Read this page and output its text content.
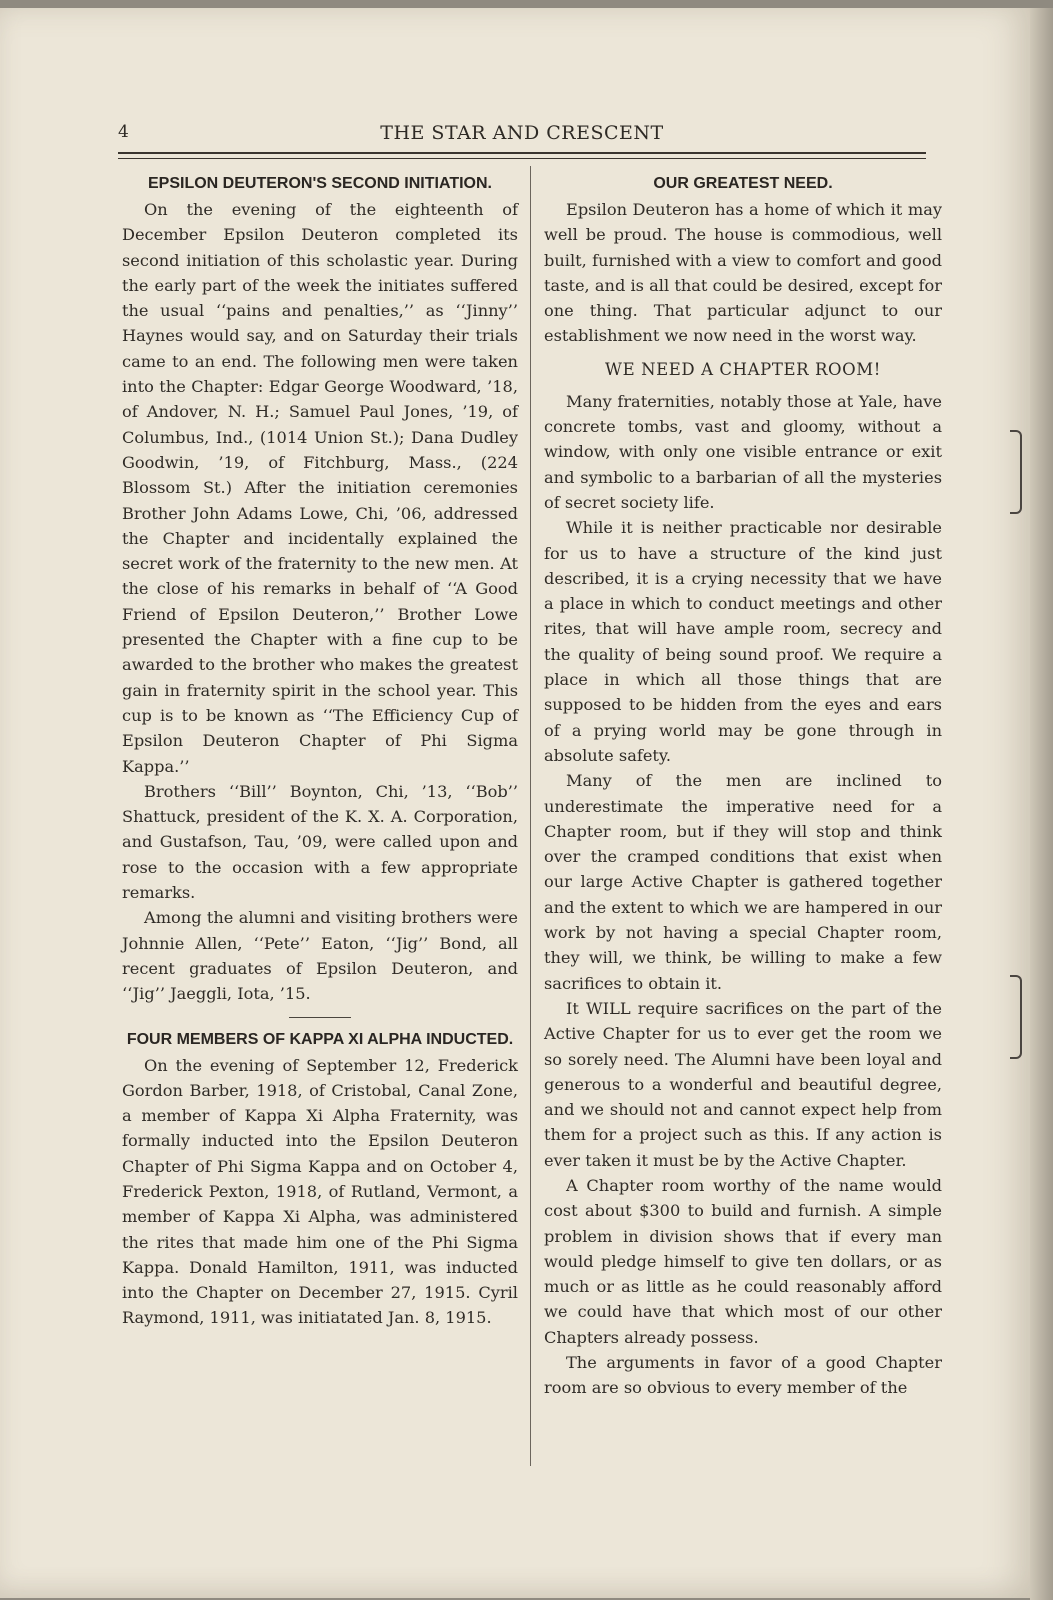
4	THE STAR AND CRESCENT
EPSILON DEUTERON'S SECOND INITIATION.

On the evening of the eighteenth of December Epsilon Deuteron completed its second initiation of this scholastic year. During the early part of the week the initiates suffered the usual ‘‘pains and penalties,’’ as ‘‘Jinny’’ Haynes would say, and on Saturday their trials came to an end. The following men were taken into the Chapter: Edgar George Woodward, ’18, of Andover, N. H.; Samuel Paul Jones, ’19, of Columbus, Ind., (1014 Union St.); Dana Dudley Goodwin, ’19, of Fitchburg, Mass., (224 Blossom St.) After the initiation ceremonies Brother John Adams Lowe, Chi, ’06, addressed the Chapter and incidentally explained the secret work of the fraternity to the new men. At the close of his remarks in behalf of ‘‘A Good Friend of Epsilon Deuteron,’’ Brother Lowe presented the Chapter with a fine cup to be awarded to the brother who makes the greatest gain in fraternity spirit in the school year. This cup is to be known as ‘‘The Efficiency Cup of Epsilon Deuteron Chapter of Phi Sigma Kappa.’’

Brothers ‘‘Bill’’ Boynton, Chi, ’13, ‘‘Bob’’ Shattuck, president of the K. X. A. Corporation, and Gustafson, Tau, ’09, were called upon and rose to the occasion with a few appropriate remarks.

Among the alumni and visiting brothers were Johnnie Allen, ‘‘Pete’’ Eaton, ‘‘Jig’’ Bond, all recent graduates of Epsilon Deuteron, and ‘‘Jig’’ Jaeggli, Iota, ’15.

FOUR MEMBERS OF KAPPA XI ALPHA INDUCTED.

On the evening of September 12, Frederick Gordon Barber, 1918, of Cristobal, Canal Zone, a member of Kappa Xi Alpha Fraternity, was formally inducted into the Epsilon Deuteron Chapter of Phi Sigma Kappa and on October 4, Frederick Pexton, 1918, of Rutland, Vermont, a member of Kappa Xi Alpha, was administered the rites that made him one of the Phi Sigma Kappa. Donald Hamilton, 1911, was inducted into the Chapter on December 27, 1915. Cyril Raymond, 1911, was initiatated Jan. 8, 1915.

OUR GREATEST NEED.

Epsilon Deuteron has a home of which it may well be proud. The house is commodious, well built, furnished with a view to comfort and good taste, and is all that could be desired, except for one thing. That particular adjunct to our establishment we now need in the worst way.

WE NEED A CHAPTER ROOM!

Many fraternities, notably those at Yale, have concrete tombs, vast and gloomy, without a window, with only one visible entrance or exit and symbolic to a barbarian of all the mysteries of secret society life.

While it is neither practicable nor desirable for us to have a structure of the kind just described, it is a crying necessity that we have a place in which to conduct meetings and other rites, that will have ample room, secrecy and the quality of being sound proof. We require a place in which all those things that are supposed to be hidden from the eyes and ears of a prying world may be gone through in absolute safety.

Many of the men are inclined to underestimate the imperative need for a Chapter room, but if they will stop and think over the cramped conditions that exist when our large Active Chapter is gathered together and the extent to which we are hampered in our work by not having a special Chapter room, they will, we think, be willing to make a few sacrifices to obtain it.

It WILL require sacrifices on the part of the Active Chapter for us to ever get the room we so sorely need. The Alumni have been loyal and generous to a wonderful and beautiful degree, and we should not and cannot expect help from them for a project such as this. If any action is ever taken it must be by the Active Chapter.

A Chapter room worthy of the name would cost about $300 to build and furnish. A simple problem in division shows that if every man would pledge himself to give ten dollars, or as much or as little as he could reasonably afford we could have that which most of our other Chapters already possess.

The arguments in favor of a good Chapter room are so obvious to every member of the
